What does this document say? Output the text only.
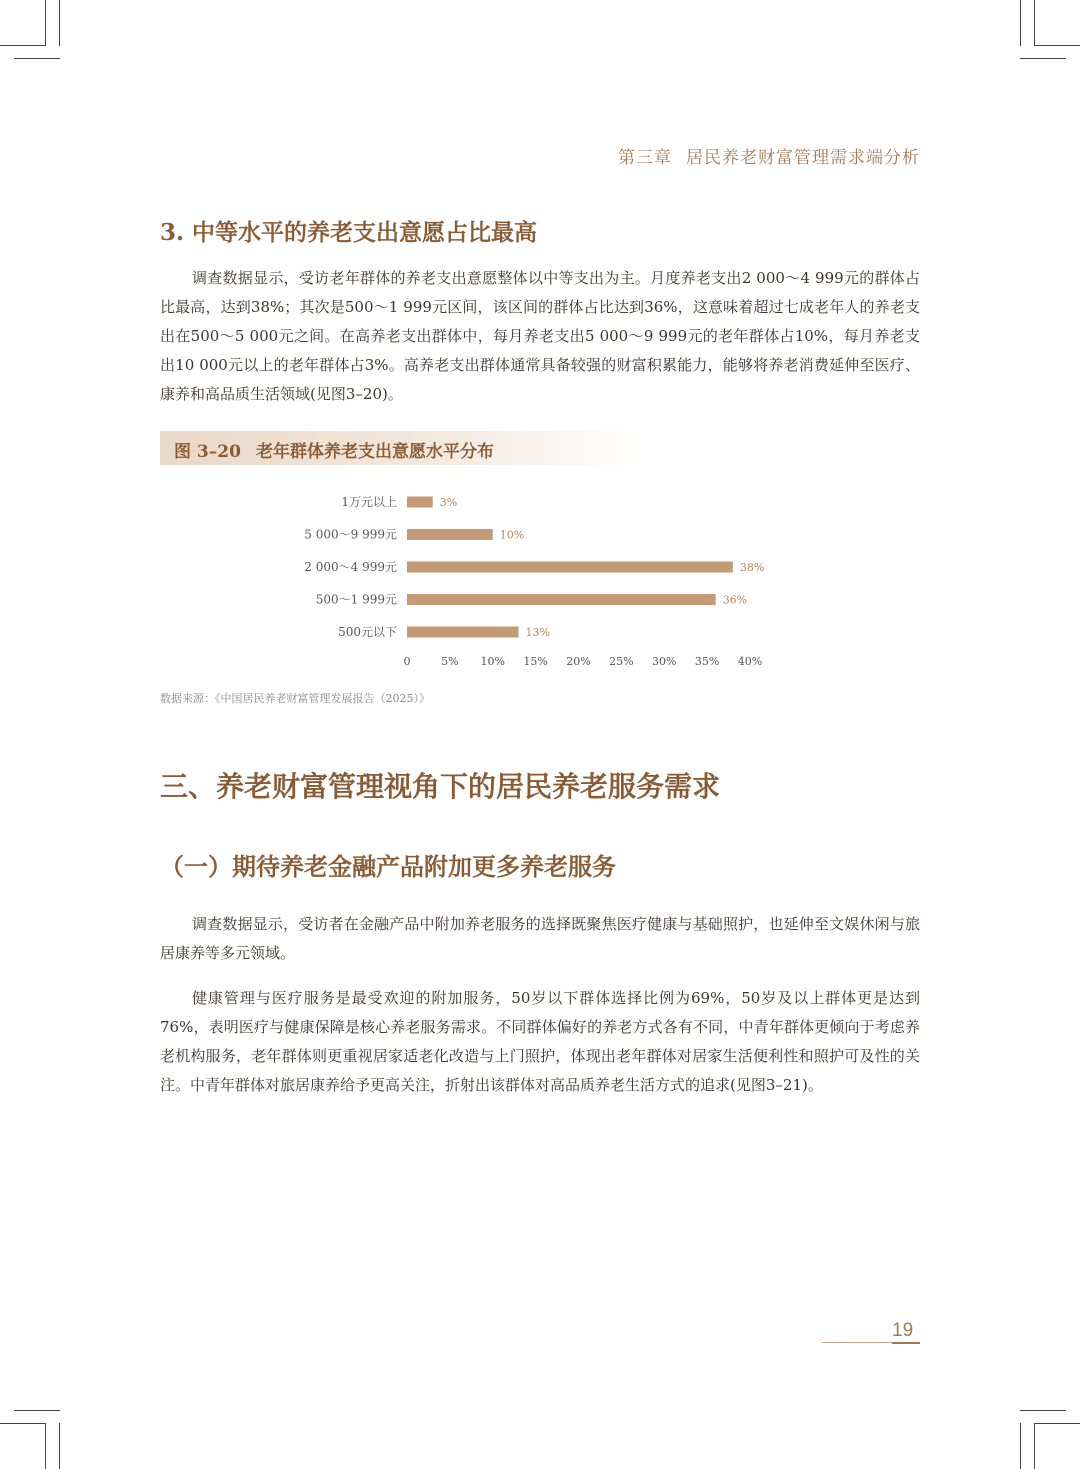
第三章 居民养老财富管理需求端分析
3. 中等水平的养老支出意愿占比最高
调查数据显示，受访老年群体的养老支出意愿整体以中等支出为主。月度养老支出2 000～4 999元的群体占比最高，达到38%；其次是500～1 999元区间，该区间的群体占比达到36%，这意味着超过七成老年人的养老支出在500～5 000元之间。在高养老支出群体中，每月养老支出5 000～9 999元的老年群体占10%，每月养老支出10 000元以上的老年群体占3%。高养老支出群体通常具备较强的财富积累能力，能够将养老消费延伸至医疗、康养和高品质生活领域(见图3–20)。
图 3–20 老年群体养老支出意愿水平分布
1万元以上	3%
5 000～9 999元	10%
2 000～4 999元	38%
500～1 999元	36%
500元以下	13%
0	5% 10% 15% 20% 25% 30% 35% 40%
数据来源：《中国居民养老财富管理发展报告（2025）》
三、养老财富管理视角下的居民养老服务需求
（一）期待养老金融产品附加更多养老服务
调查数据显示，受访者在金融产品中附加养老服务的选择既聚焦医疗健康与基础照护，也延伸至文娱休闲与旅居康养等多元领域。
健康管理与医疗服务是最受欢迎的附加服务，50岁以下群体选择比例为69%，50岁及以上群体更是达到76%，表明医疗与健康保障是核心养老服务需求。不同群体偏好的养老方式各有不同，中青年群体更倾向于考虑养老机构服务，老年群体则更重视居家适老化改造与上门照护，体现出老年群体对居家生活便利性和照护可及性的关注。中青年群体对旅居康养给予更高关注，折射出该群体对高品质养老生活方式的追求(见图3–21)。
19
